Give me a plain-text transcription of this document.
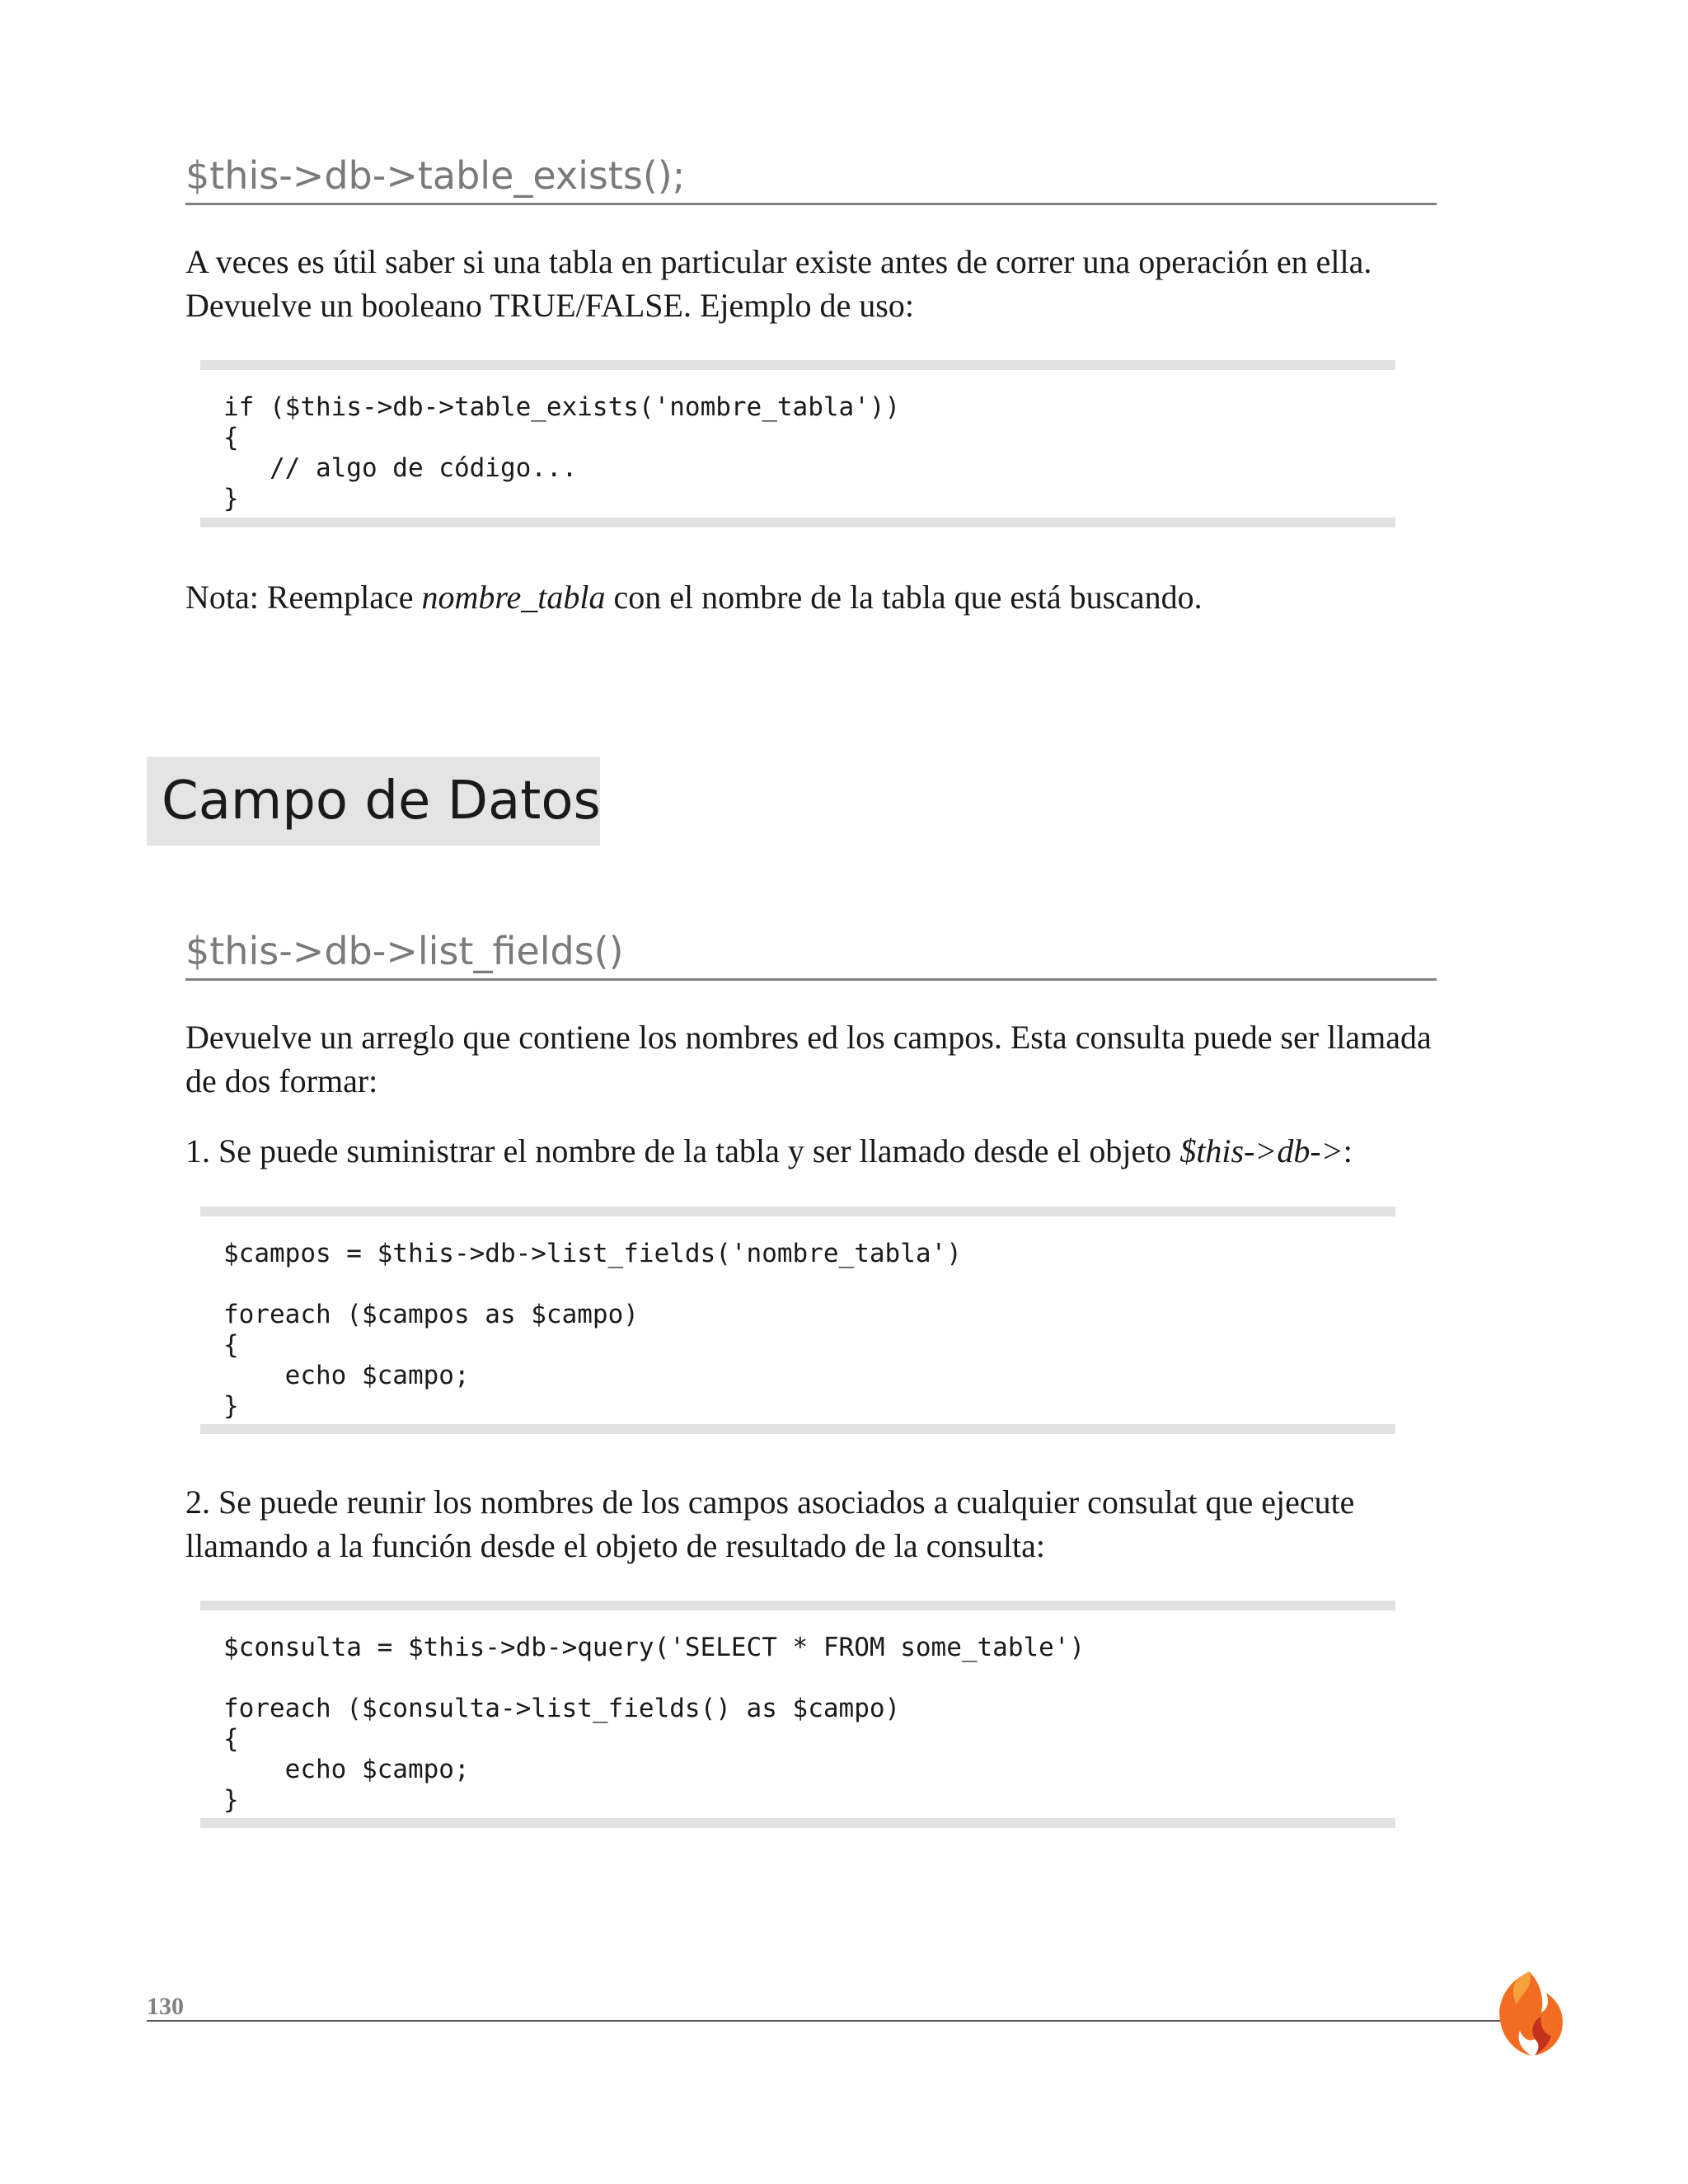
$this->db->table_exists();
A veces es útil saber si una tabla en particular existe antes de correr una operación en ella. Devuelve un booleano TRUE/FALSE. Ejemplo de uso:
if ($this->db->table_exists('nombre_tabla'))
{
// algo de código...
}
Nota: Reemplace nombre_tabla con el nombre de la tabla que está buscando.
Campo de Datos
$this->db->list_fields()
Devuelve un arreglo que contiene los nombres ed los campos. Esta consulta puede ser llamada de dos formar:
1. Se puede suministrar el nombre de la tabla y ser llamado desde el objeto $this->db->:
$campos = $this->db->list_fields('nombre_tabla')

foreach ($campos as $campo)
{
echo $campo;
}
2. Se puede reunir los nombres de los campos asociados a cualquier consulat que ejecute llamando a la función desde el objeto de resultado de la consulta:
$consulta = $this->db->query('SELECT * FROM some_table')

foreach ($consulta->list_fields() as $campo)
{
echo $campo;
}
130
